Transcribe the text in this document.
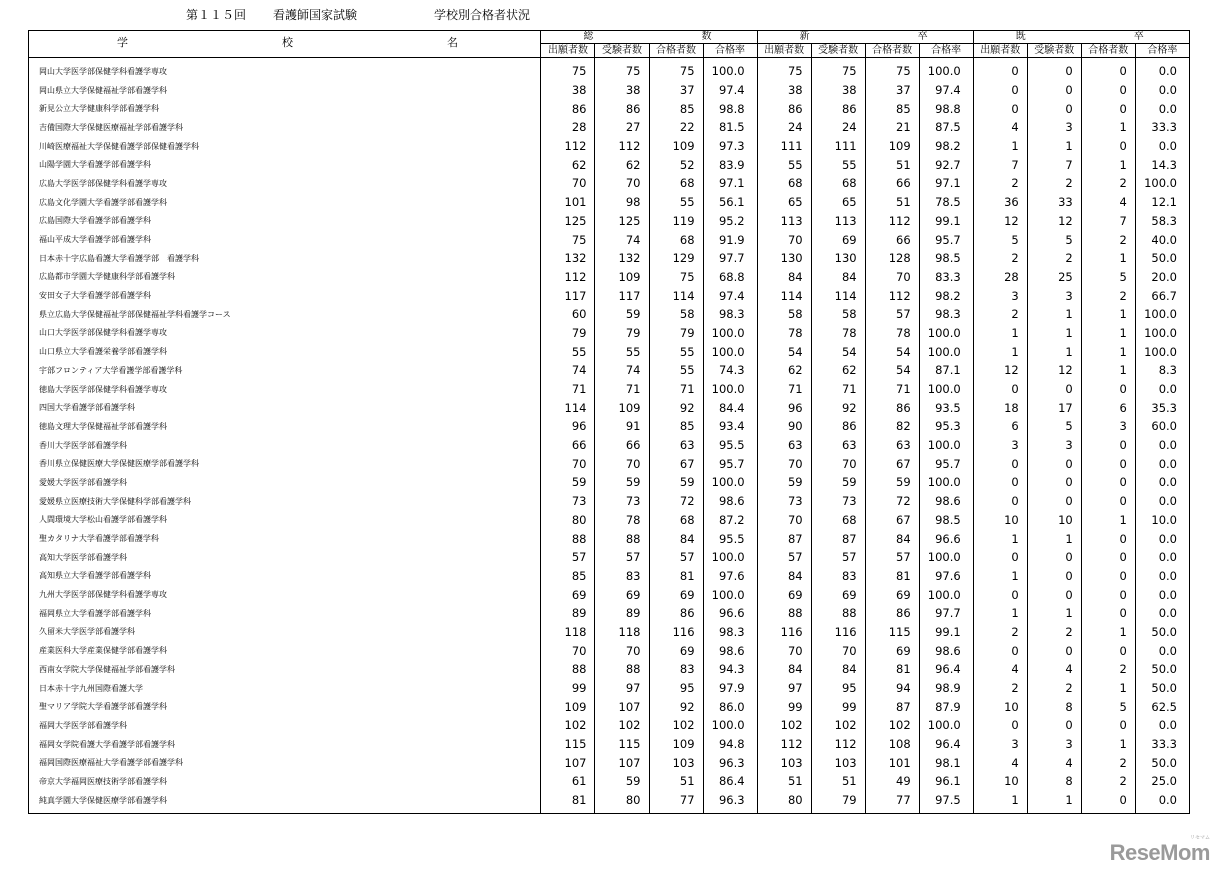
第１１５回 看護師国家試験	学校別合格者状況
学 校 名	総 数				新 卒				既 卒			

	出願者数	受験者数	合格者数	合格率	出願者数	受験者数	合格者数	合格率	出願者数	受験者数	合格者数	合格率
岡山大学医学部保健学科看護学専攻	75	75	75	100.0	75	75	75	100.0	0	0	0	0.0
岡山県立大学保健福祉学部看護学科	38	38	37	97.4	38	38	37	97.4	0	0	0	0.0
新見公立大学健康科学部看護学科	86	86	85	98.8	86	86	85	98.8	0	0	0	0.0
吉備国際大学保健医療福祉学部看護学科	28	27	22	81.5	24	24	21	87.5	4	3	1	33.3
川崎医療福祉大学保健看護学部保健看護学科	112	112	109	97.3	111	111	109	98.2	1	1	0	0.0
山陽学園大学看護学部看護学科	62	62	52	83.9	55	55	51	92.7	7	7	1	14.3
広島大学医学部保健学科看護学専攻	70	70	68	97.1	68	68	66	97.1	2	2	2	100.0
広島文化学園大学看護学部看護学科	101	98	55	56.1	65	65	51	78.5	36	33	4	12.1
広島国際大学看護学部看護学科	125	125	119	95.2	113	113	112	99.1	12	12	7	58.3
福山平成大学看護学部看護学科	75	74	68	91.9	70	69	66	95.7	5	5	2	40.0
日本赤十字広島看護大学看護学部　看護学科	132	132	129	97.7	130	130	128	98.5	2	2	1	50.0
広島都市学園大学健康科学部看護学科	112	109	75	68.8	84	84	70	83.3	28	25	5	20.0
安田女子大学看護学部看護学科	117	117	114	97.4	114	114	112	98.2	3	3	2	66.7
県立広島大学保健福祉学部保健福祉学科看護学コース	60	59	58	98.3	58	58	57	98.3	2	1	1	100.0
山口大学医学部保健学科看護学専攻	79	79	79	100.0	78	78	78	100.0	1	1	1	100.0
山口県立大学看護栄養学部看護学科	55	55	55	100.0	54	54	54	100.0	1	1	1	100.0
宇部フロンティア大学看護学部看護学科	74	74	55	74.3	62	62	54	87.1	12	12	1	8.3
徳島大学医学部保健学科看護学専攻	71	71	71	100.0	71	71	71	100.0	0	0	0	0.0
四国大学看護学部看護学科	114	109	92	84.4	96	92	86	93.5	18	17	6	35.3
徳島文理大学保健福祉学部看護学科	96	91	85	93.4	90	86	82	95.3	6	5	3	60.0
香川大学医学部看護学科	66	66	63	95.5	63	63	63	100.0	3	3	0	0.0
香川県立保健医療大学保健医療学部看護学科	70	70	67	95.7	70	70	67	95.7	0	0	0	0.0
愛媛大学医学部看護学科	59	59	59	100.0	59	59	59	100.0	0	0	0	0.0
愛媛県立医療技術大学保健科学部看護学科	73	73	72	98.6	73	73	72	98.6	0	0	0	0.0
人間環境大学松山看護学部看護学科	80	78	68	87.2	70	68	67	98.5	10	10	1	10.0
聖カタリナ大学看護学部看護学科	88	88	84	95.5	87	87	84	96.6	1	1	0	0.0
高知大学医学部看護学科	57	57	57	100.0	57	57	57	100.0	0	0	0	0.0
高知県立大学看護学部看護学科	85	83	81	97.6	84	83	81	97.6	1	0	0	0.0
九州大学医学部保健学科看護学専攻	69	69	69	100.0	69	69	69	100.0	0	0	0	0.0
福岡県立大学看護学部看護学科	89	89	86	96.6	88	88	86	97.7	1	1	0	0.0
久留米大学医学部看護学科	118	118	116	98.3	116	116	115	99.1	2	2	1	50.0
産業医科大学産業保健学部看護学科	70	70	69	98.6	70	70	69	98.6	0	0	0	0.0
西南女学院大学保健福祉学部看護学科	88	88	83	94.3	84	84	81	96.4	4	4	2	50.0
日本赤十字九州国際看護大学	99	97	95	97.9	97	95	94	98.9	2	2	1	50.0
聖マリア学院大学看護学部看護学科	109	107	92	86.0	99	99	87	87.9	10	8	5	62.5
福岡大学医学部看護学科	102	102	102	100.0	102	102	102	100.0	0	0	0	0.0
福岡女学院看護大学看護学部看護学科	115	115	109	94.8	112	112	108	96.4	3	3	1	33.3
福岡国際医療福祉大学看護学部看護学科	107	107	103	96.3	103	103	101	98.1	4	4	2	50.0
帝京大学福岡医療技術学部看護学科	61	59	51	86.4	51	51	49	96.1	10	8	2	25.0
純真学園大学保健医療学部看護学科	81	80	77	96.3	80	79	77	97.5	1	1	0	0.0
ReseMom
リセマム
